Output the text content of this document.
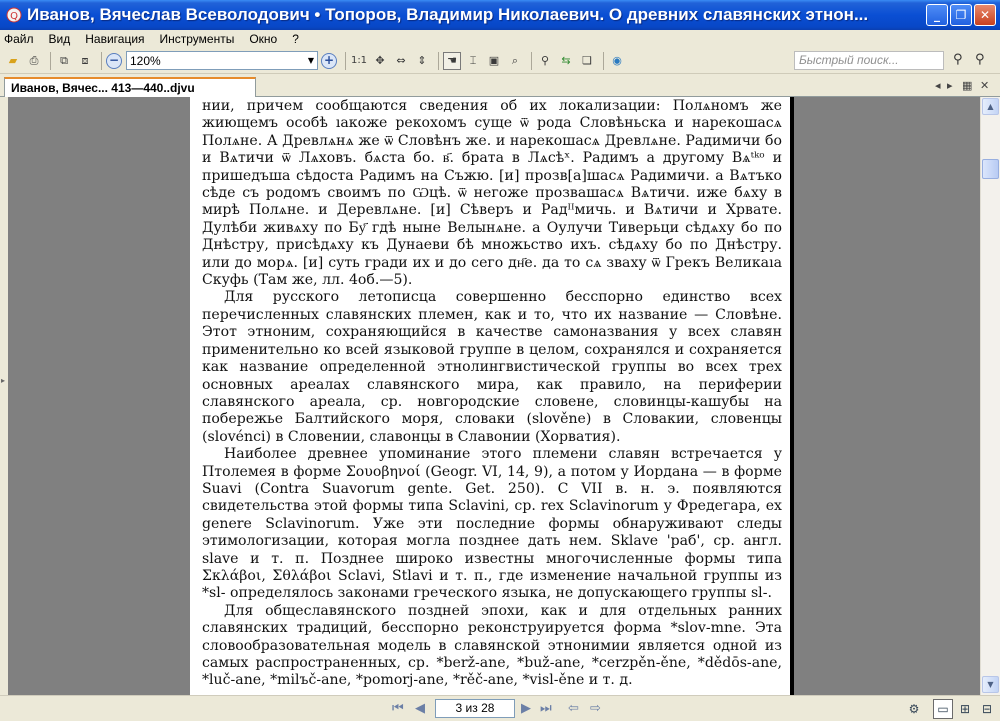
Q Иванов, Вячеслав Всеволодович • Топоров, Владимир Николаевич. О древних славянских этнон...	_ ❐ ✕
Файл Вид Навигация Инструменты Окно ?
▰ ⎙ ⧉ ⧈ − 120%	▼ + 1:1 ✥ ⇔ ⇕ ☚ ⌶ ▣ ⌕ ⚲ ⇆ ❏ ◉	Быстрый поиск...	⚲ ⚲
Иванов, Вячес... 413—440..djvu	◂ ▸ ▦ ✕
▸

нии, причем сообщаются сведения об их локализации: Полѧномъ же жиющемъ особѣ ıакоже рекохомъ суще ѿ рода Словѣньска и нарекошасѧ Полѧне. А Древлѧнѧ же ѿ Словѣнъ же. и нарекошасѧ Древлѧне. Радимичи бо и Вѧтичи ѿ Лѧховъ. бѧста бо. в҃. брата в Лѧсѣˣ. Радимъ а другому Вѧᵗᵏᵒ и пришедъша сѣдоста Радимъ на Съжю. [и] прозв[а]шасѧ Радимичи. а Вѧтъко сѣде съ родомъ своимъ по Ѡцѣ. ѿ негоже прозвашасѧ Вѧтичи. иже бѧху в мирѣ Полѧне. и Деревлѧне. [и] Сѣверъ и Радᴵᴵмичь. и Вѧтичи и Хрвате. Дулѣби живѧху по Бу҃ гдѣ ныне Велынѧне. а Оулучи Тиверьци сѣдѧху бо по Днѣстру, присѣдѧху къ Дунаеви бѣ множьство ихъ. сѣдѧху бо по Днѣстру. или до морѧ. [и] суть гради их и до сего дн҃е. да то сѧ зваху ѿ Грекъ Великаıа Скуфь (Там же, лл. 4об.—5).

Для русского летописца совершенно бесспорно единство всех перечисленных славянских племен, как и то, что их название — Словѣне. Этот этноним, сохраняющийся в качестве самоназвания у всех славян применительно ко всей языковой группе в целом, сохранялся и сохраняется как название определенной этнолингвистической группы во всех трех основных ареалах славянского мира, как правило, на периферии славянского ареала, ср. новгородские словене, словинцы-кашубы на побережье Балтийского моря, словаки (slověne) в Словакии, словенцы (slovénci) в Словении, славонцы в Славонии (Хорватия).

Наиболее древнее упоминание этого племени славян встречается у Птолемея в форме Σουοβηνοί (Geogr. VI, 14, 9), а потом у Иордана — в форме Suavi (Contra Suavorum gente. Get. 250). С VII в. н. э. появляются свидетельства этой формы типа Sclavini, ср. rex Sclavinorum у Фредегара, ex genere Sclavinorum. Уже эти последние формы обнаруживают следы этимологизации, которая могла позднее дать нем. Sklave 'раб', ср. англ. slave и т. п. Позднее широко известны многочисленные формы типа Σκλάβοι, Σθλάβοι Sclavi, Stlavi и т. п., где изменение начальной группы из *sl- определялось законами греческого языка, не допускающего группы sl-.

Для общеславянского поздней эпохи, как и для отдельных ранних славянских традиций, бесспорно реконструируется форма *slov-mne. Эта словообразовательная модель в славянской этнонимии является одной из самых распространенных, ср. *berž-ane, *buž-ane, *cerzpěn-ěne, *dědōs-ane, *luč-ane, *milъč-ane, *pomorj-ane, *rěč-ane, *visl-ěne и т. д.

▲
▼
⏮ ◀	3 из 28	▶ ⏭ ⇦ ⇨	⚙	▭ ⊞ ⊟
